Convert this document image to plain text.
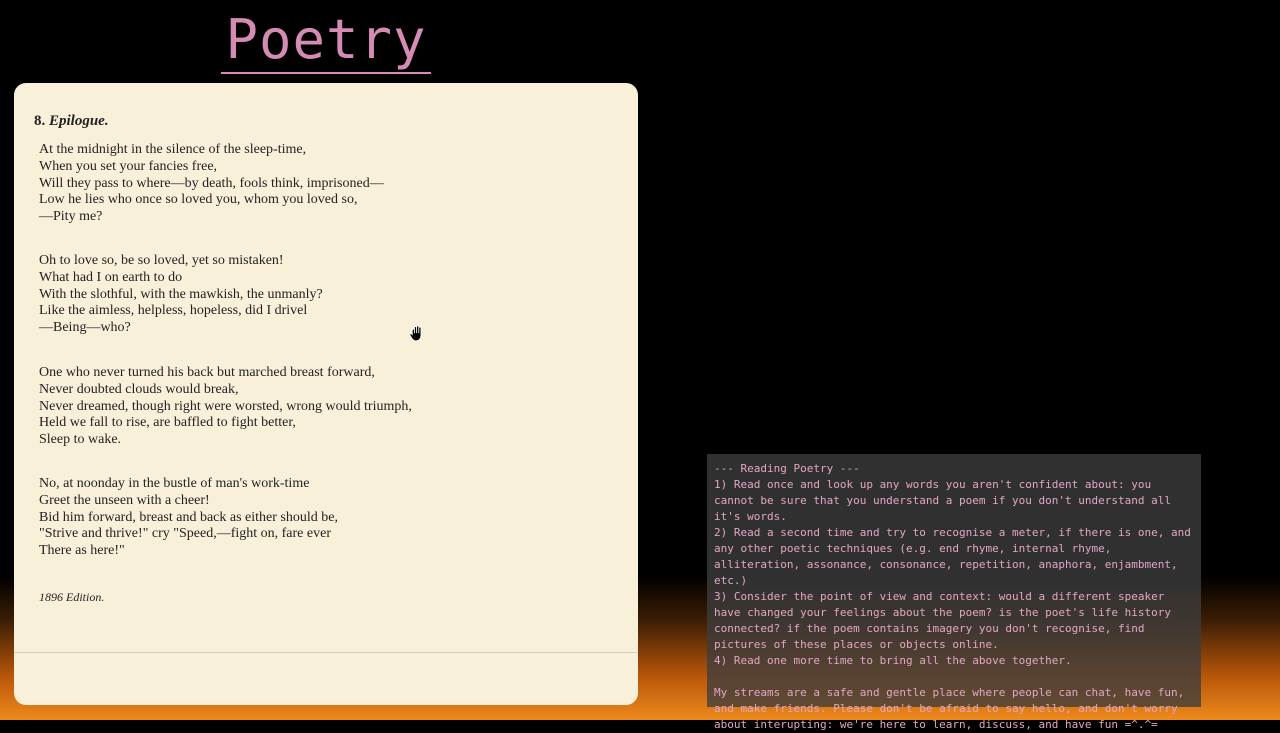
Poetry
8. Epilogue.
At the midnight in the silence of the sleep-time,
When you set your fancies free,
Will they pass to where—by death, fools think, imprisoned—
Low he lies who once so loved you, whom you loved so,
—Pity me?
Oh to love so, be so loved, yet so mistaken!
What had I on earth to do
With the slothful, with the mawkish, the unmanly?
Like the aimless, helpless, hopeless, did I drivel
—Being—who?
One who never turned his back but marched breast forward,
Never doubted clouds would break,
Never dreamed, though right were worsted, wrong would triumph,
Held we fall to rise, are baffled to fight better,
Sleep to wake.
No, at noonday in the bustle of man's work-time
Greet the unseen with a cheer!
Bid him forward, breast and back as either should be,
"Strive and thrive!" cry "Speed,—fight on, fare ever
There as here!"
1896 Edition.
--- Reading Poetry ---
1) Read once and look up any words you aren't confident about: you cannot be sure that you understand a poem if you don't understand all it's words.
2) Read a second time and try to recognise a meter, if there is one, and any other poetic techniques (e.g. end rhyme, internal rhyme, alliteration, assonance, consonance, repetition, anaphora, enjambment, etc.)
3) Consider the point of view and context: would a different speaker have changed your feelings about the poem? is the poet's life history connected? if the poem contains imagery you don't recognise, find pictures of these places or objects online.
4) Read one more time to bring all the above together.
My streams are a safe and gentle place where people can chat, have fun, and make friends. Please don't be afraid to say hello, and don't worry about interupting: we're here to learn, discuss, and have fun =^.^=
